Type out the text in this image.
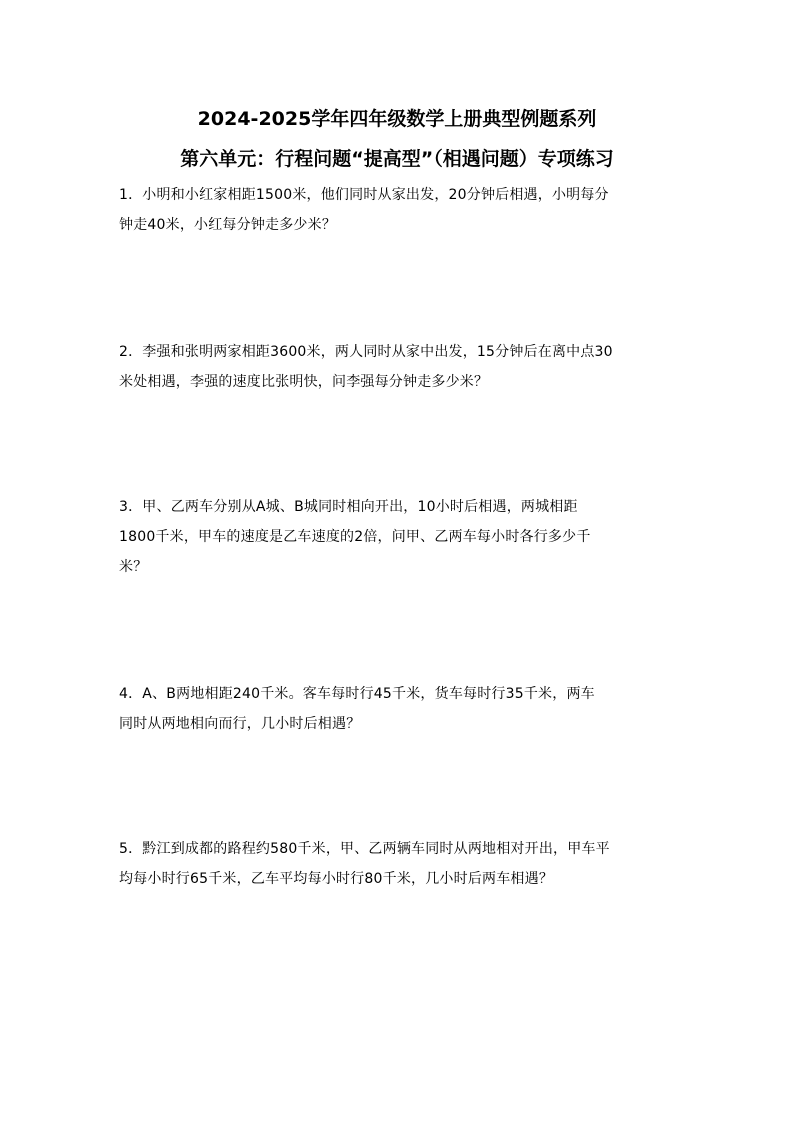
2024-2025学年四年级数学上册典型例题系列
第六单元：行程问题“提高型”（相遇问题）专项练习
1．小明和小红家相距1500米，他们同时从家出发，20分钟后相遇，小明每分
钟走40米，小红每分钟走多少米？
2．李强和张明两家相距3600米，两人同时从家中出发，15分钟后在离中点30
米处相遇，李强的速度比张明快，问李强每分钟走多少米？
3．甲、乙两车分别从A城、B城同时相向开出，10小时后相遇，两城相距
1800千米，甲车的速度是乙车速度的2倍，问甲、乙两车每小时各行多少千
米？
4．A、B两地相距240千米。客车每时行45千米，货车每时行35千米，两车
同时从两地相向而行，几小时后相遇？
5．黔江到成都的路程约580千米，甲、乙两辆车同时从两地相对开出，甲车平
均每小时行65千米，乙车平均每小时行80千米，几小时后两车相遇？
